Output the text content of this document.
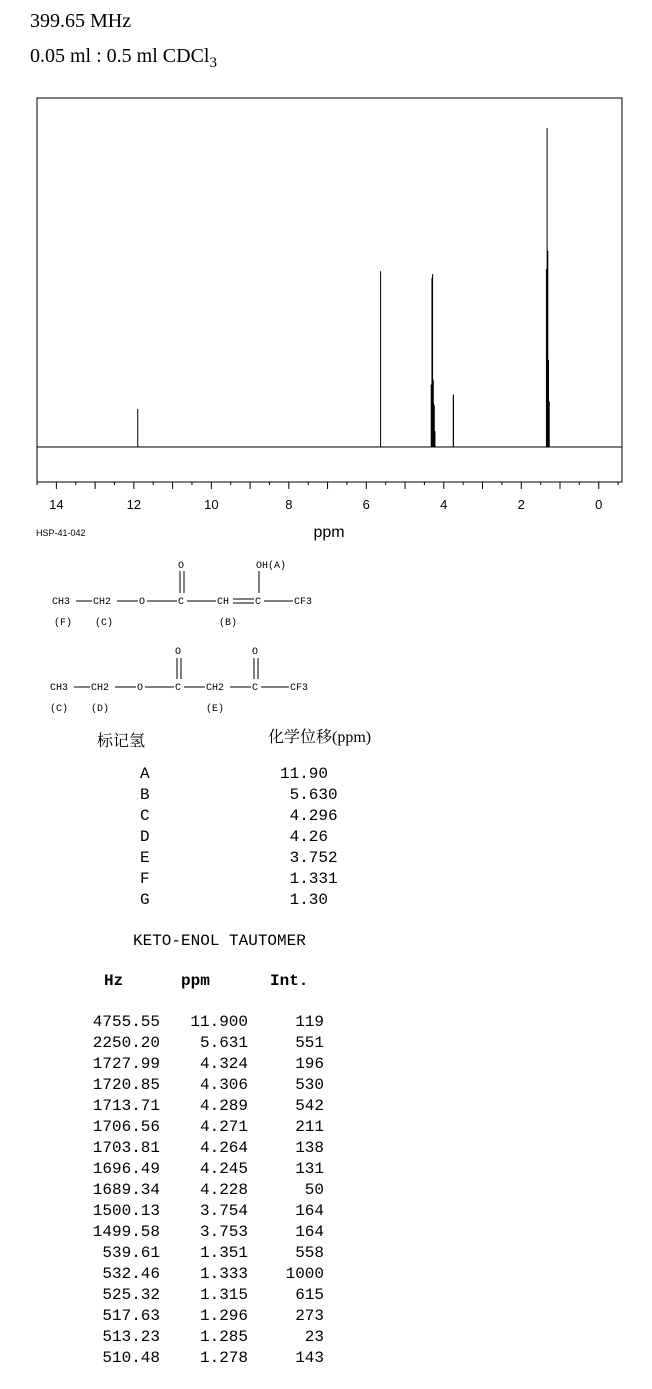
399.65 MHz
0.05 ml : 0.5 ml CDCl$_3$
14	12	10	8	6	4	2	0
ppm
HSP-41-042
CH3 CH2	O	C
O
CH	C
OH(A)
CF3
(F) (C)	(B)
CH3 CH2	O	C
O
CH2	C
O
CF3
(C) (D)	(E)
标记氢	化学位移(ppm)
A	11.90
B	5.630
C	4.296
D	4.26
E	3.752
F	1.331
G	1.30
KETO-ENOL TAUTOMER
Hz	ppm	Int.
4755.55	11.900	119
2250.20	5.631	551
1727.99	4.324	196
1720.85	4.306	530
1713.71	4.289	542
1706.56	4.271	211
1703.81	4.264	138
1696.49	4.245	131
1689.34	4.228	50
1500.13	3.754	164
1499.58	3.753	164
539.61	1.351	558
532.46	1.333	1000
525.32	1.315	615
517.63	1.296	273
513.23	1.285	23
510.48	1.278	143
